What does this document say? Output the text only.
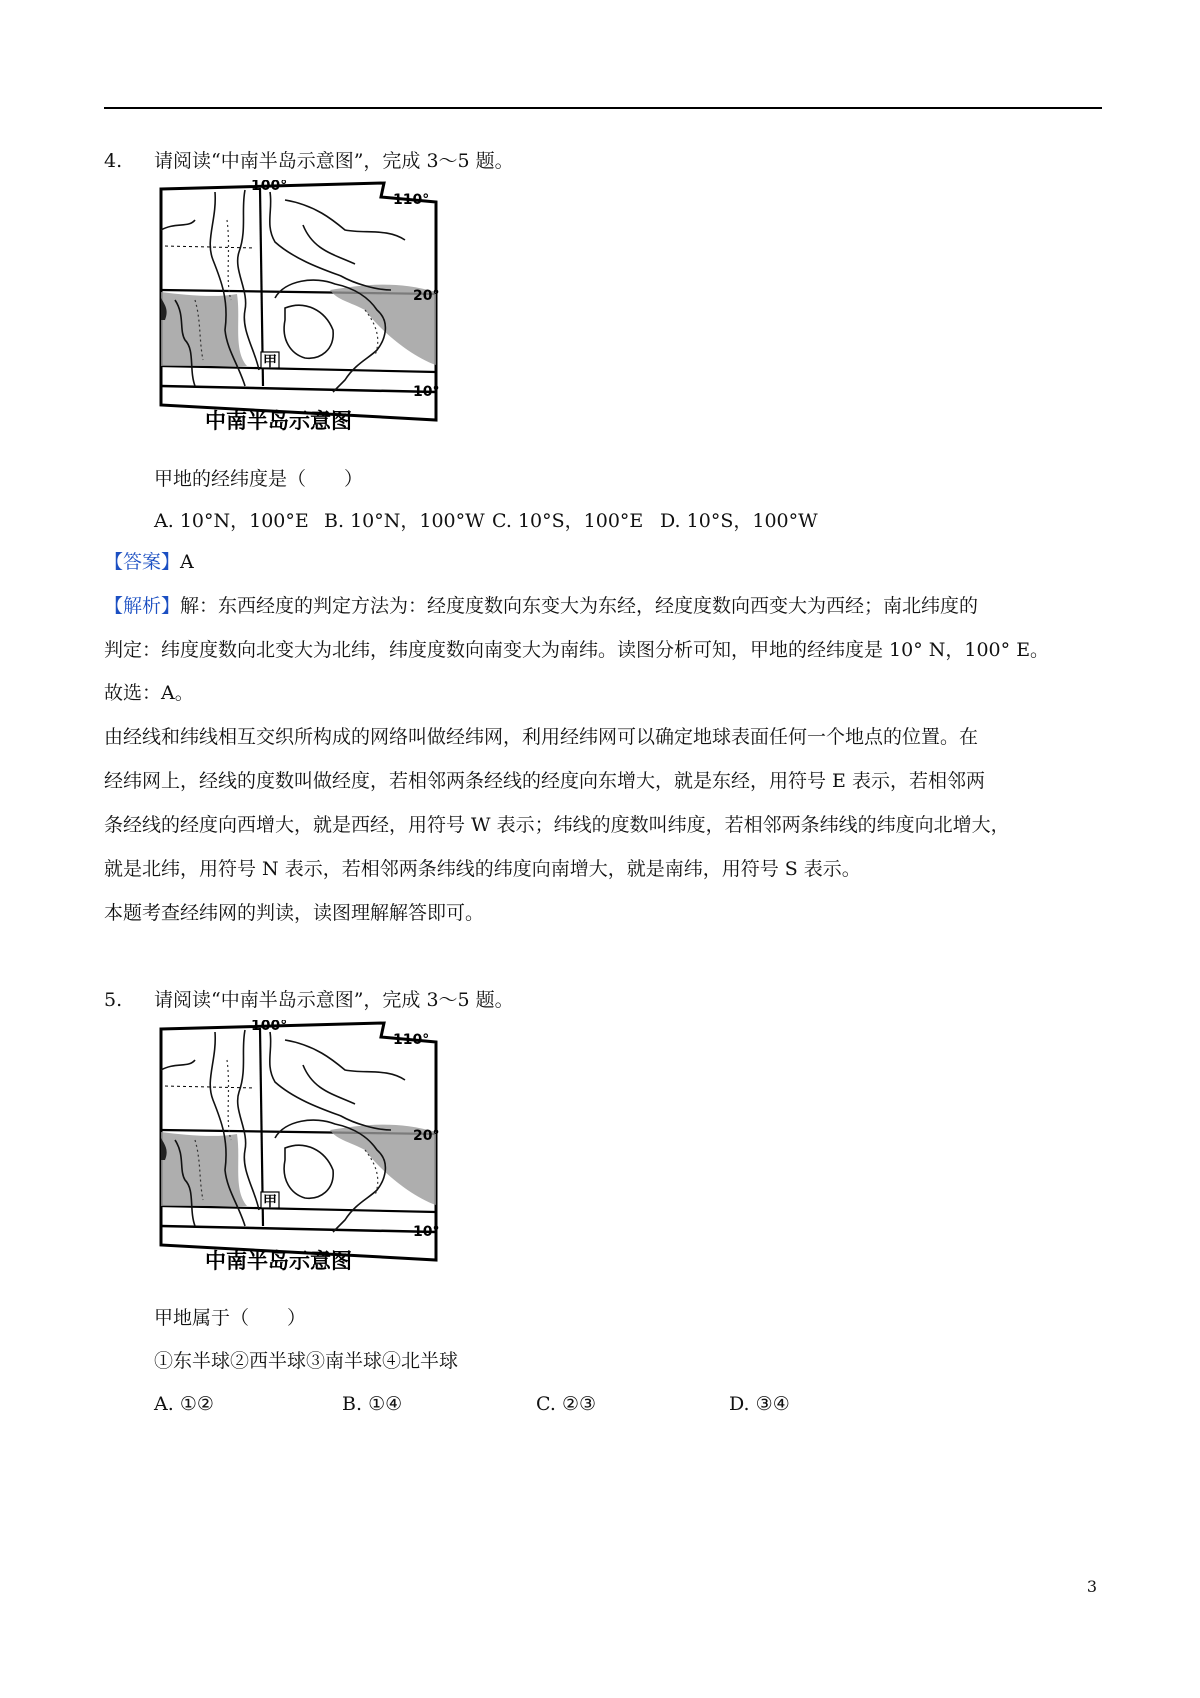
4. 请阅读“中南半岛示意图”，完成 3～5 题。
甲
100°
110°
20°
10°
中南半岛示意图
甲地的经纬度是（　　）
A. 10°N，100°E B. 10°N，100°W C. 10°S，100°E D. 10°S，100°W
【答案】A
【解析】解：东西经度的判定方法为：经度度数向东变大为东经，经度度数向西变大为西经；南北纬度的
判定：纬度度数向北变大为北纬，纬度度数向南变大为南纬。读图分析可知，甲地的经纬度是 10° N，100° E。
故选：A。
由经线和纬线相互交织所构成的网络叫做经纬网，利用经纬网可以确定地球表面任何一个地点的位置。在
经纬网上，经线的度数叫做经度，若相邻两条经线的经度向东增大，就是东经，用符号 E 表示，若相邻两
条经线的经度向西增大，就是西经，用符号 W 表示；纬线的度数叫纬度，若相邻两条纬线的纬度向北增大，
就是北纬，用符号 N 表示，若相邻两条纬线的纬度向南增大，就是南纬，用符号 S 表示。
本题考查经纬网的判读，读图理解解答即可。
5. 请阅读“中南半岛示意图”，完成 3～5 题。
甲
100°
110°
20°
10°
中南半岛示意图
甲地属于（　　）
①东半球②西半球③南半球④北半球
A. ①②	B. ①④	C. ②③	D. ③④
3
